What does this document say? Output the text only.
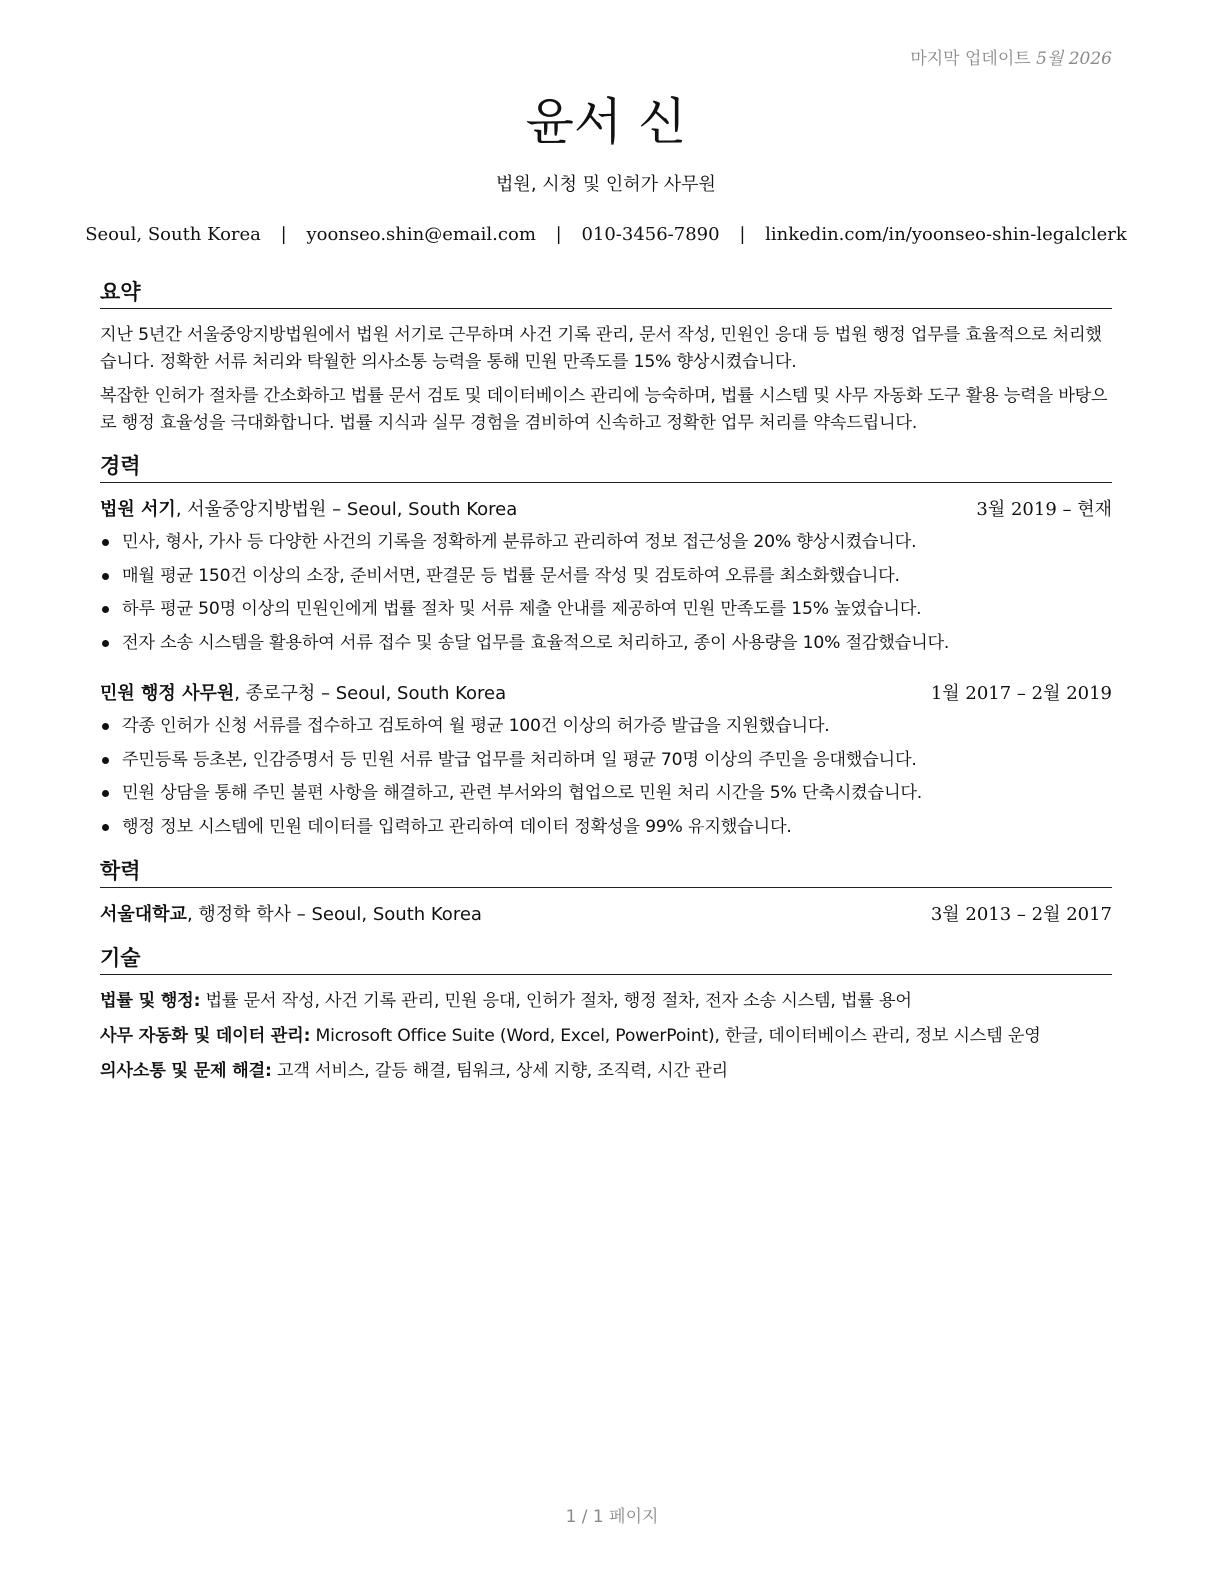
마지막 업데이트 5월 2026
윤서 신
법원, 시청 및 인허가 사무원
Seoul, South Korea | yoonseo.shin@email.com | 010-3456-7890 | linkedin.com/in/yoonseo-shin-legalclerk
요약

지난 5년간 서울중앙지방법원에서 법원 서기로 근무하며 사건 기록 관리, 문서 작성, 민원인 응대 등 법원 행정 업무를 효율적으로 처리했습니다. 정확한 서류 처리와 탁월한 의사소통 능력을 통해 민원 만족도를 15% 향상시켰습니다.

복잡한 인허가 절차를 간소화하고 법률 문서 검토 및 데이터베이스 관리에 능숙하며, 법률 시스템 및 사무 자동화 도구 활용 능력을 바탕으로 행정 효율성을 극대화합니다. 법률 지식과 실무 경험을 겸비하여 신속하고 정확한 업무 처리를 약속드립니다.

경력
법원 서기, 서울중앙지방법원 – Seoul, South Korea	3월 2019 – 현재
민사, 형사, 가사 등 다양한 사건의 기록을 정확하게 분류하고 관리하여 정보 접근성을 20% 향상시켰습니다.
매월 평균 150건 이상의 소장, 준비서면, 판결문 등 법률 문서를 작성 및 검토하여 오류를 최소화했습니다.
하루 평균 50명 이상의 민원인에게 법률 절차 및 서류 제출 안내를 제공하여 민원 만족도를 15% 높였습니다.
전자 소송 시스템을 활용하여 서류 접수 및 송달 업무를 효율적으로 처리하고, 종이 사용량을 10% 절감했습니다.
민원 행정 사무원, 종로구청 – Seoul, South Korea	1월 2017 – 2월 2019
각종 인허가 신청 서류를 접수하고 검토하여 월 평균 100건 이상의 허가증 발급을 지원했습니다.
주민등록 등초본, 인감증명서 등 민원 서류 발급 업무를 처리하며 일 평균 70명 이상의 주민을 응대했습니다.
민원 상담을 통해 주민 불편 사항을 해결하고, 관련 부서와의 협업으로 민원 처리 시간을 5% 단축시켰습니다.
행정 정보 시스템에 민원 데이터를 입력하고 관리하여 데이터 정확성을 99% 유지했습니다.
학력
서울대학교, 행정학 학사 – Seoul, South Korea	3월 2013 – 2월 2017
기술
법률 및 행정: 법률 문서 작성, 사건 기록 관리, 민원 응대, 인허가 절차, 행정 절차, 전자 소송 시스템, 법률 용어
사무 자동화 및 데이터 관리: Microsoft Office Suite (Word, Excel, PowerPoint), 한글, 데이터베이스 관리, 정보 시스템 운영
의사소통 및 문제 해결: 고객 서비스, 갈등 해결, 팀워크, 상세 지향, 조직력, 시간 관리
1 / 1 페이지
